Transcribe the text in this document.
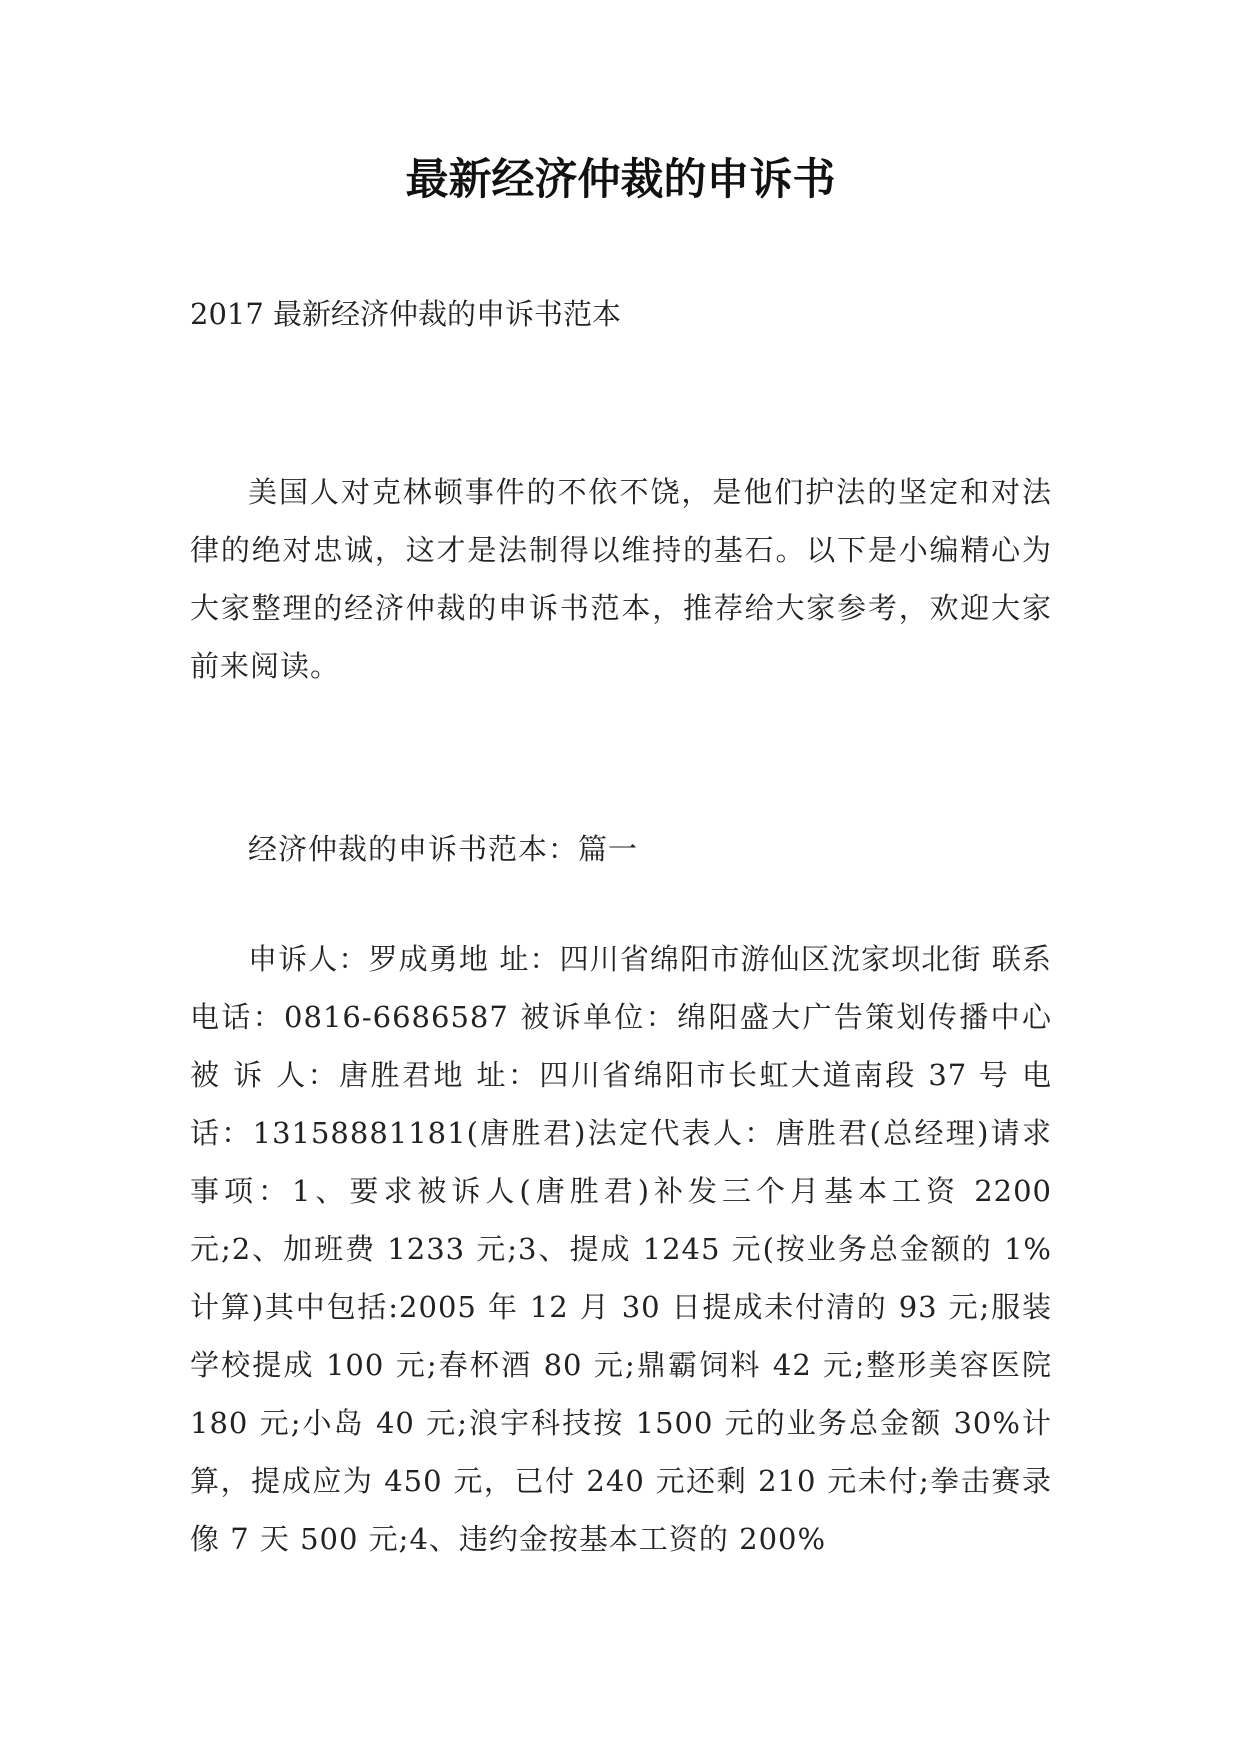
最新经济仲裁的申诉书

2017 最新经济仲裁的申诉书范本

美国人对克林顿事件的不依不饶，是他们护法的坚定和对法律的绝对忠诚，这才是法制得以维持的基石。以下是小编精心为大家整理的经济仲裁的申诉书范本，推荐给大家参考，欢迎大家前来阅读。

经济仲裁的申诉书范本：篇一

申诉人：罗成勇地 址：四川省绵阳市游仙区沈家坝北街 联系电话：0816-6686587 被诉单位：绵阳盛大广告策划传播中心 被 诉 人：唐胜君地 址：四川省绵阳市长虹大道南段 37 号 电 话：13158881181(唐胜君)法定代表人：唐胜君(总经理)请求事项：1、要求被诉人(唐胜君)补发三个月基本工资 2200 元;2、加班费 1233 元;3、提成 1245 元(按业务总金额的 1%计算)其中包括:2005 年 12 月 30 日提成未付清的 93 元;服装学校提成 100 元;春杯酒 80 元;鼎霸饲料 42 元;整形美容医院 180 元;小岛 40 元;浪宇科技按 1500 元的业务总金额 30%计算，提成应为 450 元，已付 240 元还剩 210 元未付;拳击赛录像 7 天 500 元;4、违约金按基本工资的 200%
